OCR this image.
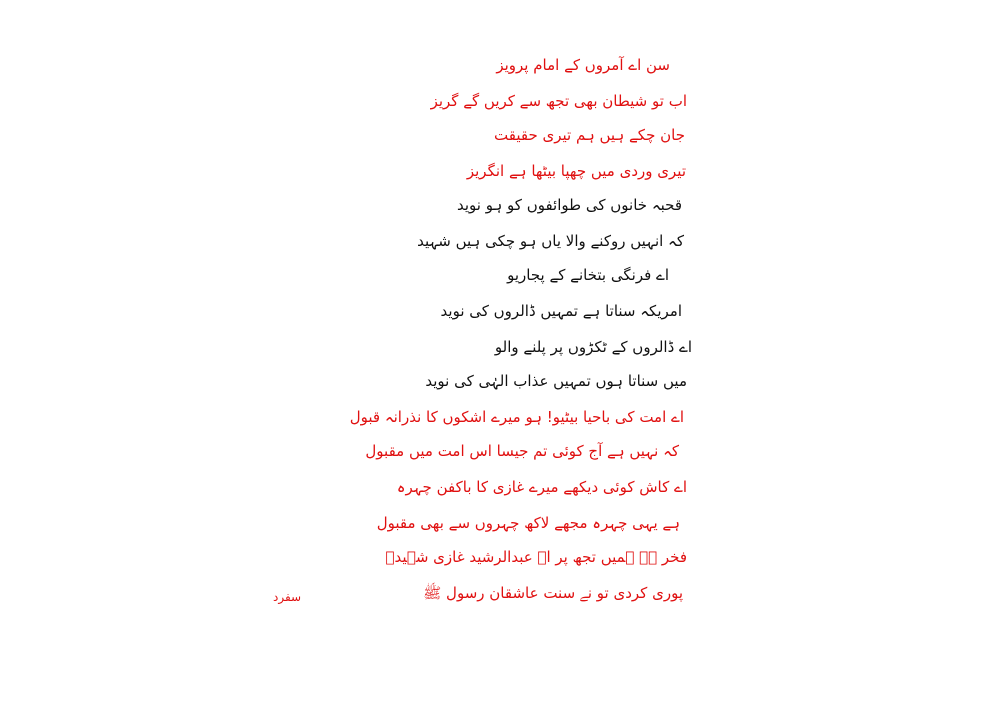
سن اے آمروں کے امام پرویز
اب تو شیطان بھی تجھ سے کریں گے گریز
جان چکے ہیں ہم تیری حقیقت
تیری وردی میں چھپا بیٹھا ہے انگریز
قحبہ خانوں کی طوائفوں کو ہو نوید
کہ انہیں روکنے والا یاں ہو چکی ہیں شہید
اے فرنگی بتخانے کے پجاریو
امریکہ سناتا ہے تمہیں ڈالروں کی نوید
اے ڈالروں کے ٹکڑوں پر پلنے والو
میں سناتا ہوں تمہیں عذاب الہٰی کی نوید
اے امت کی باحیا بیٹیو! ہو میرے اشکوں کا نذرانہ قبول
کہ نہیں ہے آج کوئی تم جیسا اس امت میں مقبول
اے کاش کوئی دیکھے میرے غازی کا باکفن چہرہ
ہے یہی چہرہ مجھے لاکھ چہروں سے بھی مقبول
فخر ہے ہمیں تجھ پر اے عبدالرشید غازی شہیدؒ
پوری کردی تو نے سنت عاشقان رسول ﷺ
سفرد
